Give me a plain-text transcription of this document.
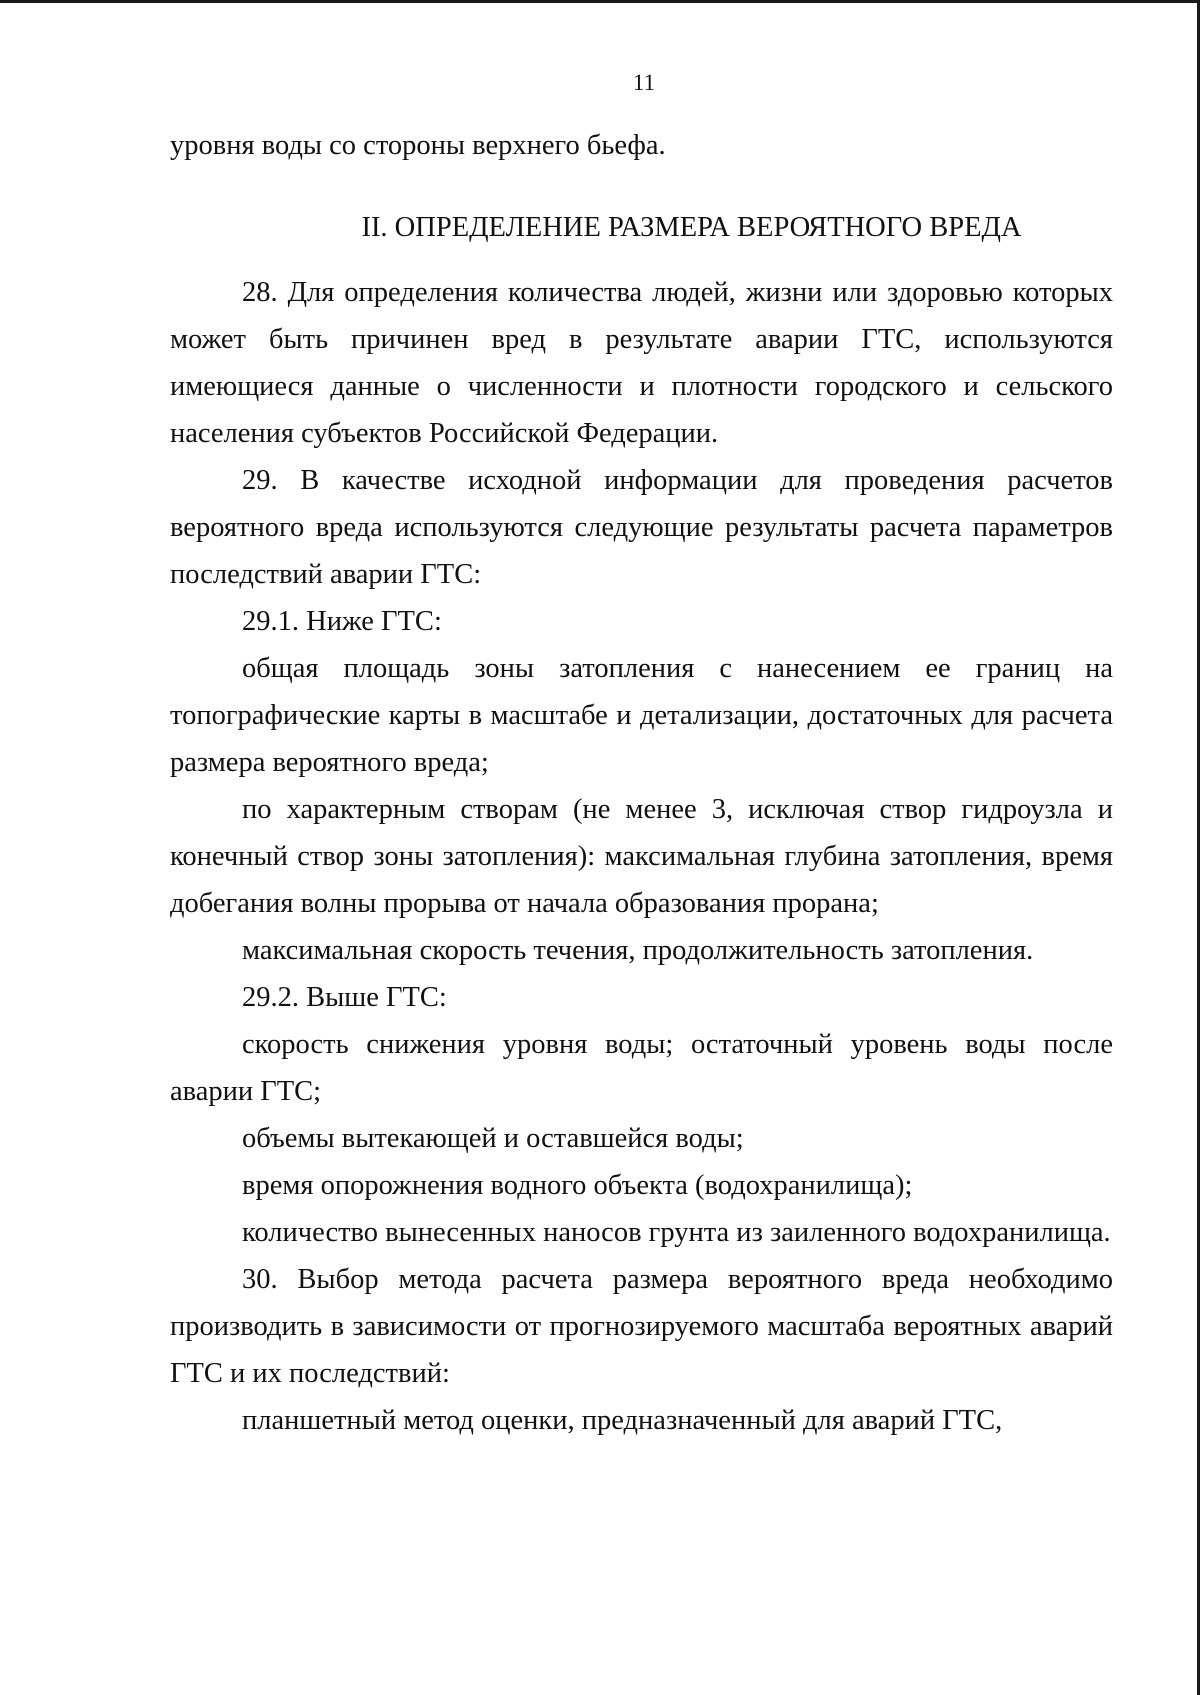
11

уровня воды со стороны верхнего бьефа.

II. ОПРЕДЕЛЕНИЕ РАЗМЕРА ВЕРОЯТНОГО ВРЕДА

28. Для определения количества людей, жизни или здоровью которых может быть причинен вред в результате аварии ГТС, используются имеющиеся данные о численности и плотности городского и сельского населения субъектов Российской Федерации.

29. В качестве исходной информации для проведения расчетов вероятного вреда используются следующие результаты расчета параметров последствий аварии ГТС:

29.1. Ниже ГТС:

общая площадь зоны затопления с нанесением ее границ на топографические карты в масштабе и детализации, достаточных для расчета размера вероятного вреда;

по характерным створам (не менее 3, исключая створ гидроузла и конечный створ зоны затопления): максимальная глубина затопления, время добегания волны прорыва от начала образования прорана;

максимальная скорость течения, продолжительность затопления.

29.2. Выше ГТС:

скорость снижения уровня воды; остаточный уровень воды после аварии ГТС;

объемы вытекающей и оставшейся воды;

время опорожнения водного объекта (водохранилища);

количество вынесенных наносов грунта из заиленного водохранилища.

30. Выбор метода расчета размера вероятного вреда необходимо производить в зависимости от прогнозируемого масштаба вероятных аварий ГТС и их последствий:

планшетный метод оценки, предназначенный для аварий ГТС,
